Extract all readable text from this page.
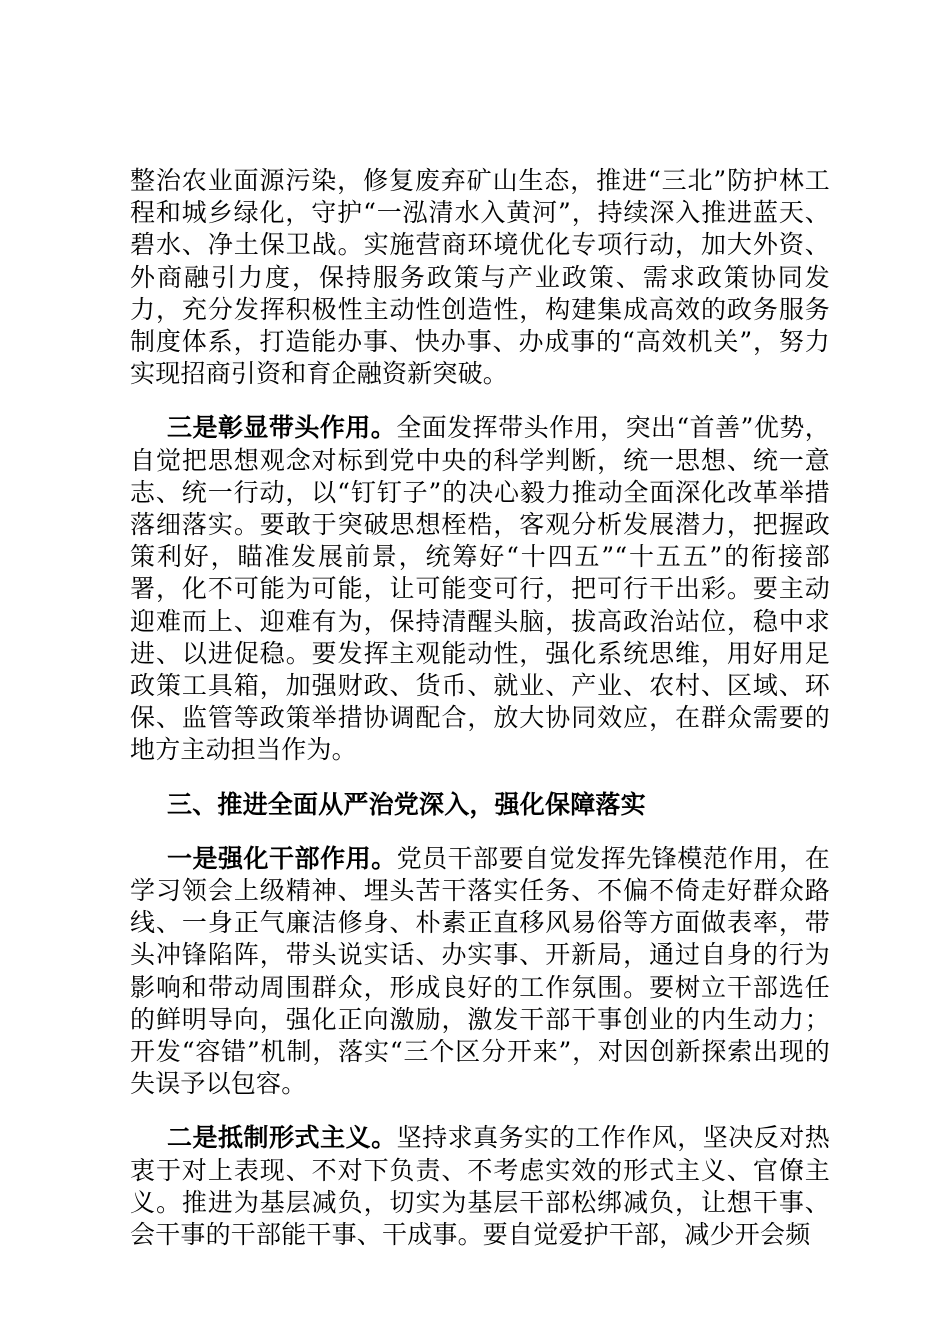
整治农业面源污染，修复废弃矿山生态，推进“三北”防护林工程和城乡绿化，守护“一泓清水入黄河”，持续深入推进蓝天、碧水、净土保卫战。实施营商环境优化专项行动，加大外资、外商融引力度，保持服务政策与产业政策、需求政策协同发力，充分发挥积极性主动性创造性，构建集成高效的政务服务制度体系，打造能办事、快办事、办成事的“高效机关”，努力实现招商引资和育企融资新突破。

三是彰显带头作用。全面发挥带头作用，突出“首善”优势，自觉把思想观念对标到党中央的科学判断，统一思想、统一意志、统一行动，以“钉钉子”的决心毅力推动全面深化改革举措落细落实。要敢于突破思想桎梏，客观分析发展潜力，把握政策利好，瞄准发展前景，统筹好“十四五”“十五五”的衔接部署，化不可能为可能，让可能变可行，把可行干出彩。要主动迎难而上、迎难有为，保持清醒头脑，拔高政治站位，稳中求进、以进促稳。要发挥主观能动性，强化系统思维，用好用足政策工具箱，加强财政、货币、就业、产业、农村、区域、环保、监管等政策举措协调配合，放大协同效应，在群众需要的地方主动担当作为。

三、推进全面从严治党深入，强化保障落实

一是强化干部作用。党员干部要自觉发挥先锋模范作用，在学习领会上级精神、埋头苦干落实任务、不偏不倚走好群众路线、一身正气廉洁修身、朴素正直移风易俗等方面做表率，带头冲锋陷阵，带头说实话、办实事、开新局，通过自身的行为影响和带动周围群众，形成良好的工作氛围。要树立干部选任的鲜明导向，强化正向激励，激发干部干事创业的内生动力；开发“容错”机制，落实“三个区分开来”，对因创新探索出现的失误予以包容。

二是抵制形式主义。坚持求真务实的工作作风，坚决反对热衷于对上表现、不对下负责、不考虑实效的形式主义、官僚主义。推进为基层减负，切实为基层干部松绑减负，让想干事、会干事的干部能干事、干成事。要自觉爱护干部，减少开会频
